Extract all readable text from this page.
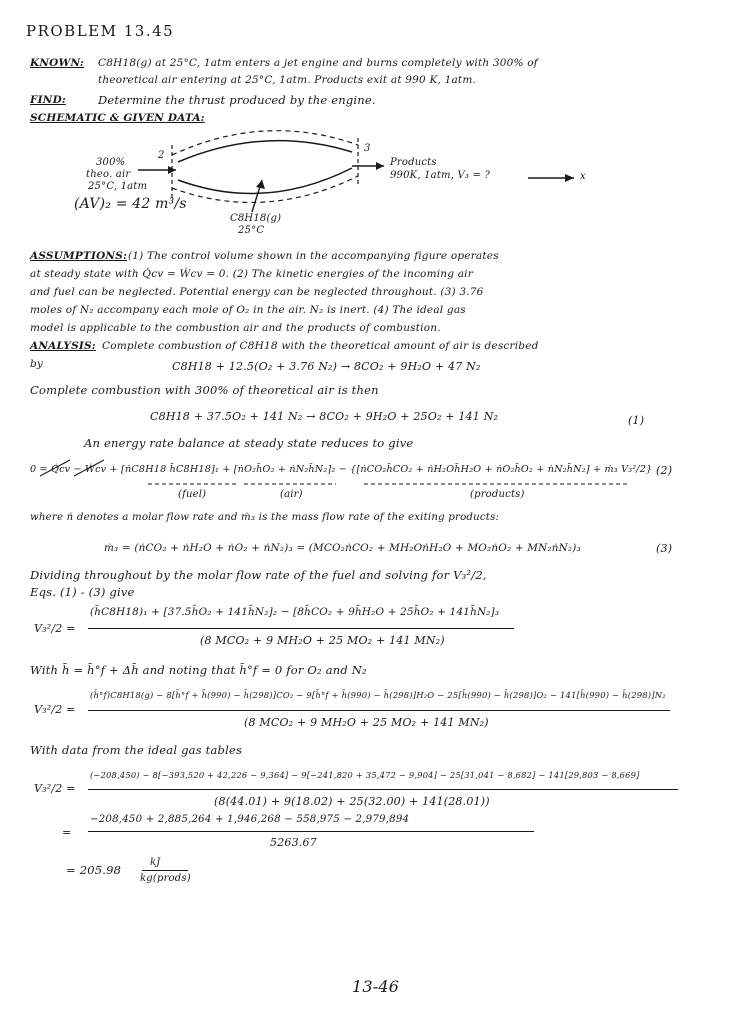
PROBLEM 13.45
KNOWN: C8H18(g) at 25°C, 1atm enters a jet engine and burns completely with 300% of
theoretical air entering at 25°C, 1atm. Products exit at 990 K, 1atm.
FIND:	Determine the thrust produced by the engine.
SCHEMATIC & GIVEN DATA:
2
3
300%
theo. air
25°C, 1atm
(AV)₂ = 42 m³/s
Products
990K, 1atm, V₃ = ?	x
C8H18(g)
25°C
ASSUMPTIONS: (1) The control volume shown in the accompanying figure operates
at steady state with Q̇cv = Ẇcv = 0. (2) The kinetic energies of the incoming air
and fuel can be neglected. Potential energy can be neglected throughout. (3) 3.76
moles of N₂ accompany each mole of O₂ in the air. N₂ is inert. (4) The ideal gas
model is applicable to the combustion air and the products of combustion.
ANALYSIS: Complete combustion of C8H18 with the theoretical amount of air is described
by	C8H18 + 12.5(O₂ + 3.76 N₂) → 8CO₂ + 9H₂O + 47 N₂
Complete combustion with 300% of theoretical air is then
C8H18 + 37.5O₂ + 141 N₂ → 8CO₂ + 9H₂O + 25O₂ + 141 N₂	(1)
An energy rate balance at steady state reduces to give
0 = Q̇cv − Ẇcv + [ṅC8H18 h̄C8H18]₁ + [ṅO₂h̄O₂ + ṅN₂h̄N₂]₂ − {[ṅCO₂h̄CO₂ + ṅH₂Oh̄H₂O + ṅO₂h̄O₂ + ṅN₂h̄N₂] + ṁ₃ V₃²/2} (2)
(fuel)	(air)	(products)
where ṅ denotes a molar flow rate and ṁ₃ is the mass flow rate of the exiting products:
ṁ₃ = (ṅCO₂ + ṅH₂O + ṅO₂ + ṅN₂)₃ = (MCO₂ṅCO₂ + MH₂OṅH₂O + MO₂ṅO₂ + MN₂ṅN₂)₃	(3)
Dividing throughout by the molar flow rate of the fuel and solving for V₃²/2,
Eqs. (1) - (3) give
V₃²/2 =
(h̄C8H18)₁ + [37.5h̄O₂ + 141h̄N₂]₂ − [8h̄CO₂ + 9h̄H₂O + 25h̄O₂ + 141h̄N₂]₃
(8 MCO₂ + 9 MH₂O + 25 MO₂ + 141 MN₂)
With h̄ = h̄°f + Δh̄ and noting that h̄°f = 0 for O₂ and N₂
V₃²/2 =
(h̄°f)C8H18(g) − 8[h̄°f + h̄(990) − h̄(298)]CO₂ − 9[h̄°f + h̄(990) − h̄(298)]H₂O − 25[h̄(990) − h̄(298)]O₂ − 141[h̄(990) − h̄(298)]N₂
(8 MCO₂ + 9 MH₂O + 25 MO₂ + 141 MN₂)
With data from the ideal gas tables
V₃²/2 =
(−208,450) − 8[−393,520 + 42,226 − 9,364] − 9[−241,820 + 35,472 − 9,904] − 25[31,041 − 8,682] − 141[29,803 − 8,669]
(8(44.01) + 9(18.02) + 25(32.00) + 141(28.01))
=
−208,450 + 2,885,264 + 1,946,268 − 558,975 − 2,979,894
5263.67
= 205.98
kJ
kg(prods)
13-46
